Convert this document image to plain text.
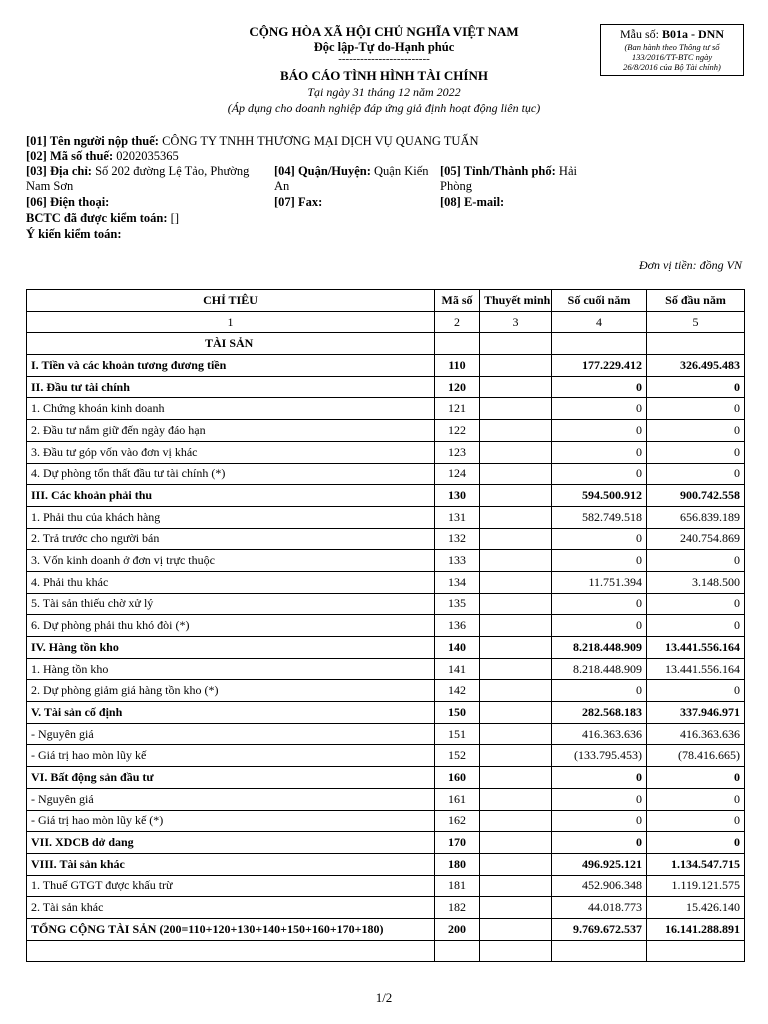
CỘNG HÒA XÃ HỘI CHỦ NGHĨA VIỆT NAM
Độc lập-Tự do-Hạnh phúc
-------------------------
BÁO CÁO TÌNH HÌNH TÀI CHÍNH
Tại ngày 31 tháng 12 năm 2022
(Áp dụng cho doanh nghiệp đáp ứng giả định hoạt động liên tục)
Mẫu số: B01a - DNN
(Ban hành theo Thông tư số
133/2016/TT-BTC ngày
26/8/2016 của Bộ Tài chính)
[01] Tên người nộp thuế: CÔNG TY TNHH THƯƠNG MẠI DỊCH VỤ QUANG TUẤN
[02] Mã số thuế: 0202035365
[03] Địa chỉ: Số 202 đường Lệ Tảo, Phường Nam Sơn
[04] Quận/Huyện: Quận Kiến An
[05] Tỉnh/Thành phố: Hải Phòng
[06] Điện thoại:	[07] Fax:	[08] E-mail:
BCTC đã được kiểm toán: []
Ý kiến kiểm toán:
Đơn vị tiền: đồng VN
CHỈ TIÊU	Mã số	Thuyết minh	Số cuối năm	Số đầu năm
1	2	3	4	5
TÀI SẢN				
I. Tiền và các khoản tương đương tiền	110		177.229.412	326.495.483
II. Đầu tư tài chính	120		0	0
1. Chứng khoán kinh doanh	121		0	0
2. Đầu tư nắm giữ đến ngày đáo hạn	122		0	0
3. Đầu tư góp vốn vào đơn vị khác	123		0	0
4. Dự phòng tổn thất đầu tư tài chính (*)	124		0	0
III. Các khoản phải thu	130		594.500.912	900.742.558
1. Phải thu của khách hàng	131		582.749.518	656.839.189
2. Trả trước cho người bán	132		0	240.754.869
3. Vốn kinh doanh ở đơn vị trực thuộc	133		0	0
4. Phải thu khác	134		11.751.394	3.148.500
5. Tài sản thiếu chờ xử lý	135		0	0
6. Dự phòng phải thu khó đòi (*)	136		0	0
IV. Hàng tồn kho	140		8.218.448.909	13.441.556.164
1. Hàng tồn kho	141		8.218.448.909	13.441.556.164
2. Dự phòng giảm giá hàng tồn kho (*)	142		0	0
V. Tài sản cố định	150		282.568.183	337.946.971
- Nguyên giá	151		416.363.636	416.363.636
- Giá trị hao mòn lũy kế	152		(133.795.453)	(78.416.665)
VI. Bất động sản đầu tư	160		0	0
- Nguyên giá	161		0	0
- Giá trị hao mòn lũy kế (*)	162		0	0
VII. XDCB dở dang	170		0	0
VIII. Tài sản khác	180		496.925.121	1.134.547.715
1. Thuế GTGT được khấu trừ	181		452.906.348	1.119.121.575
2. Tài sản khác	182		44.018.773	15.426.140
TỔNG CỘNG TÀI SẢN (200=110+120+130+140+150+160+170+180)	200		9.769.672.537	16.141.288.891

1/2
